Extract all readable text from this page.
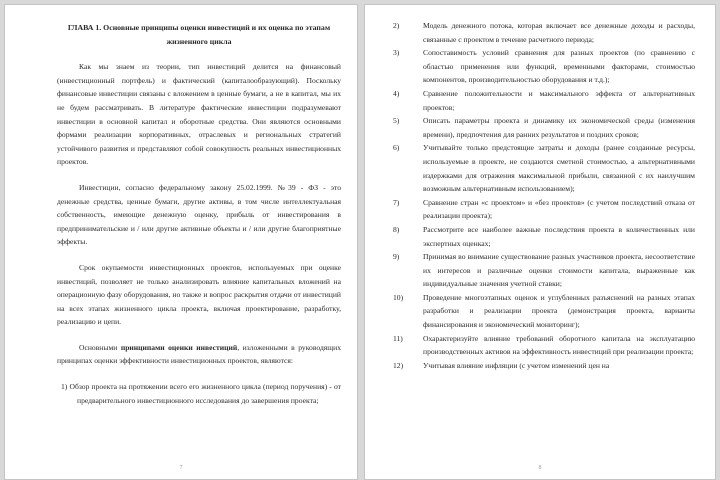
ГЛАВА 1. Основные принципы оценки инвестиций и их оценка по этапам жизненного цикла

Как мы знаем из теории, тип инвестиций делится на финансовый (инвестиционный портфель) и фактический (капиталообразующий). Поскольку финансовые инвестиции связаны с вложением в ценные бумаги, а не в капитал, мы их не будем рассматривать. В литературе фактические инвестиции подразумевают инвестиции в основной капитал и оборотные средства. Они являются основными формами реализации корпоративных, отраслевых и региональных стратегий устойчивого развития и представляют собой совокупность реальных инвестиционных проектов.

Инвестиции, согласно федеральному закону 25.02.1999. №39 - ФЗ - это денежные средства, ценные бумаги, другие активы, в том числе интеллектуальная собственность, имеющие денежную оценку, прибыль от инвестирования в предпринимательские и / или другие активные объекты и / или другие благоприятные эффекты.

Срок окупаемости инвестиционных проектов, используемых при оценке инвестиций, позволяет не только анализировать влияние капитальных вложений на операционную фазу оборудования, но также и вопрос раскрытия отдачи от инвестиций на всех этапах жизненного цикла проекта, включая проектирование, разработку, реализацию и цепи.

Основными принципами оценки инвестиций, изложенными в руководящих принципах оценки эффективности инвестиционных проектов, являются:

1) Обзор проекта на протяжении всего его жизненного цикла (период поручения) - от предварительного инвестиционного исследования до завершения проекта;

7
2)	Модель денежного потока, которая включает все денежные доходы и расходы, связанные с проектом в течение расчетного периода;
3)	Сопоставимость условий сравнения для разных проектов (по сравнению с областью применения или функций, временными факторами, стоимостью компонентов, производительностью оборудования и т.д.);
4)	Сравнение положительности и максимального эффекта от альтернативных проектов;
5)	Описать параметры проекта и динамику их экономической среды (изменения времени), предпочтения для ранних результатов и поздних сроков;
6)	Учитывайте только предстоящие затраты и доходы (ранее созданные ресурсы, используемые в проекте, не создаются сметной стоимостью, а альтернативными издержками для отражения максимальной прибыли, связанной с их наилучшим возможным альтернативным использованием);
7)	Сравнение стран «с проектом» и «без проектов» (с учетом последствий отказа от реализации проекта);
8)	Рассмотрите все наиболее важные последствия проекта в количественных или экспертных оценках;
9)	Принимая во внимание существование разных участников проекта, несоответствие их интересов и различные оценки стоимости капитала, выраженные как индивидуальные значения учетной ставки;
10)	Проведение многоэтапных оценок и углубленных разъяснений на разных этапах разработки и реализации проекта (демонстрация проекта, варианты финансирования и экономический мониторинг);
11)	Охарактеризуйте влияние требований оборотного капитала на эксплуатацию производственных активов на эффективность инвестиций при реализации проекта;
12)	Учитывая влияние инфляции (с учетом изменений цен на
8
